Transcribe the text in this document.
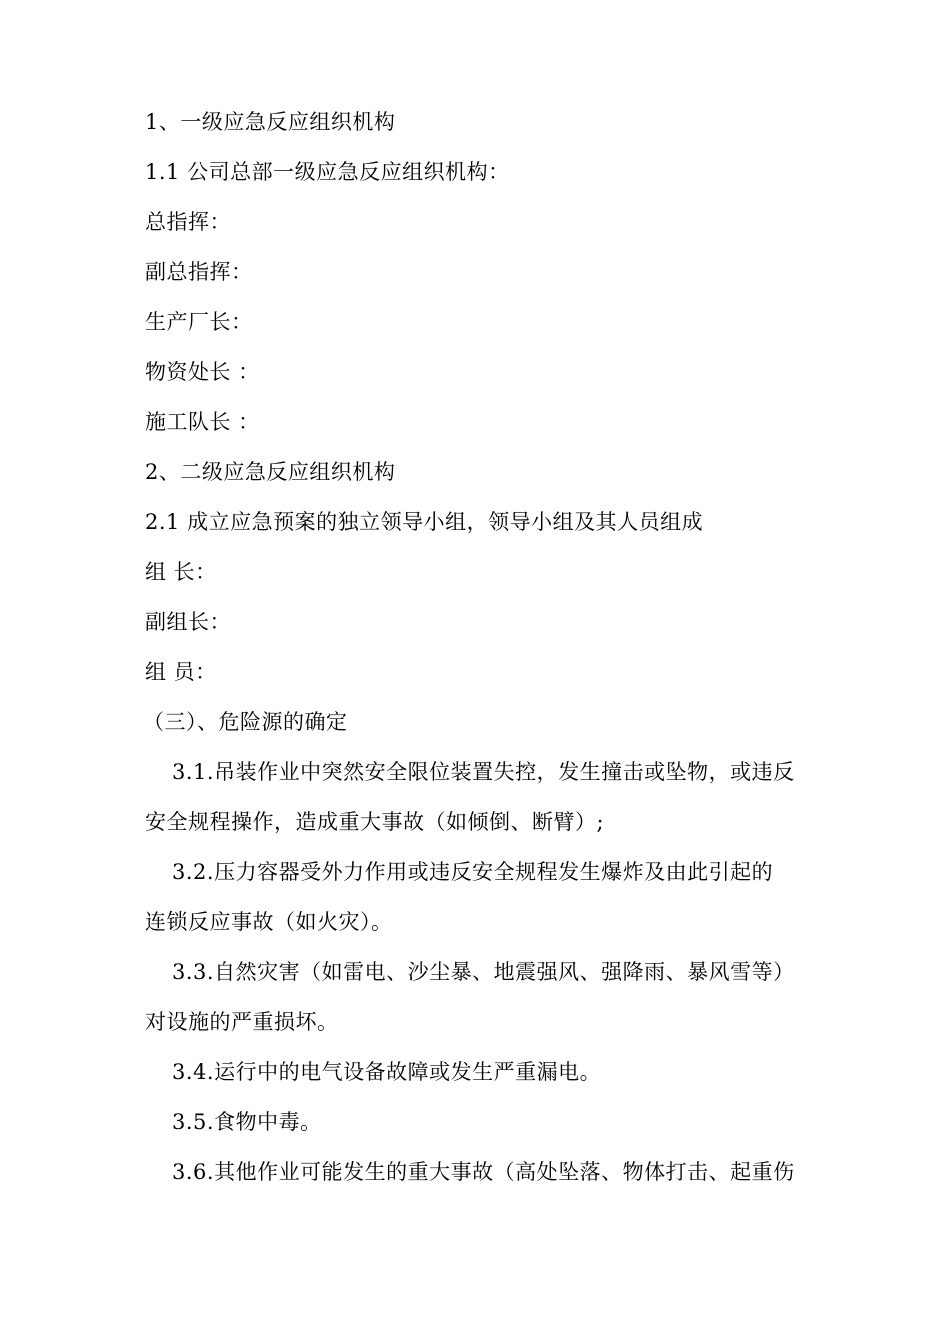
1、一级应急反应组织机构
1.1 公司总部一级应急反应组织机构：
总指挥：
副总指挥：
生产厂长：
物资处长 ：
施工队长 ：
2、二级应急反应组织机构
2.1 成立应急预案的独立领导小组，领导小组及其人员组成
组 长：
副组长：
组 员：
（三）、危险源的确定
3.1.吊装作业中突然安全限位装置失控，发生撞击或坠物，或违反
安全规程操作，造成重大事故（如倾倒、断臂）;
3.2.压力容器受外力作用或违反安全规程发生爆炸及由此引起的
连锁反应事故（如火灾）。
3.3.自然灾害（如雷电、沙尘暴、地震强风、强降雨、暴风雪等）
对设施的严重损坏。
3.4.运行中的电气设备故障或发生严重漏电。
3.5.食物中毒。
3.6.其他作业可能发生的重大事故（高处坠落、物体打击、起重伤
